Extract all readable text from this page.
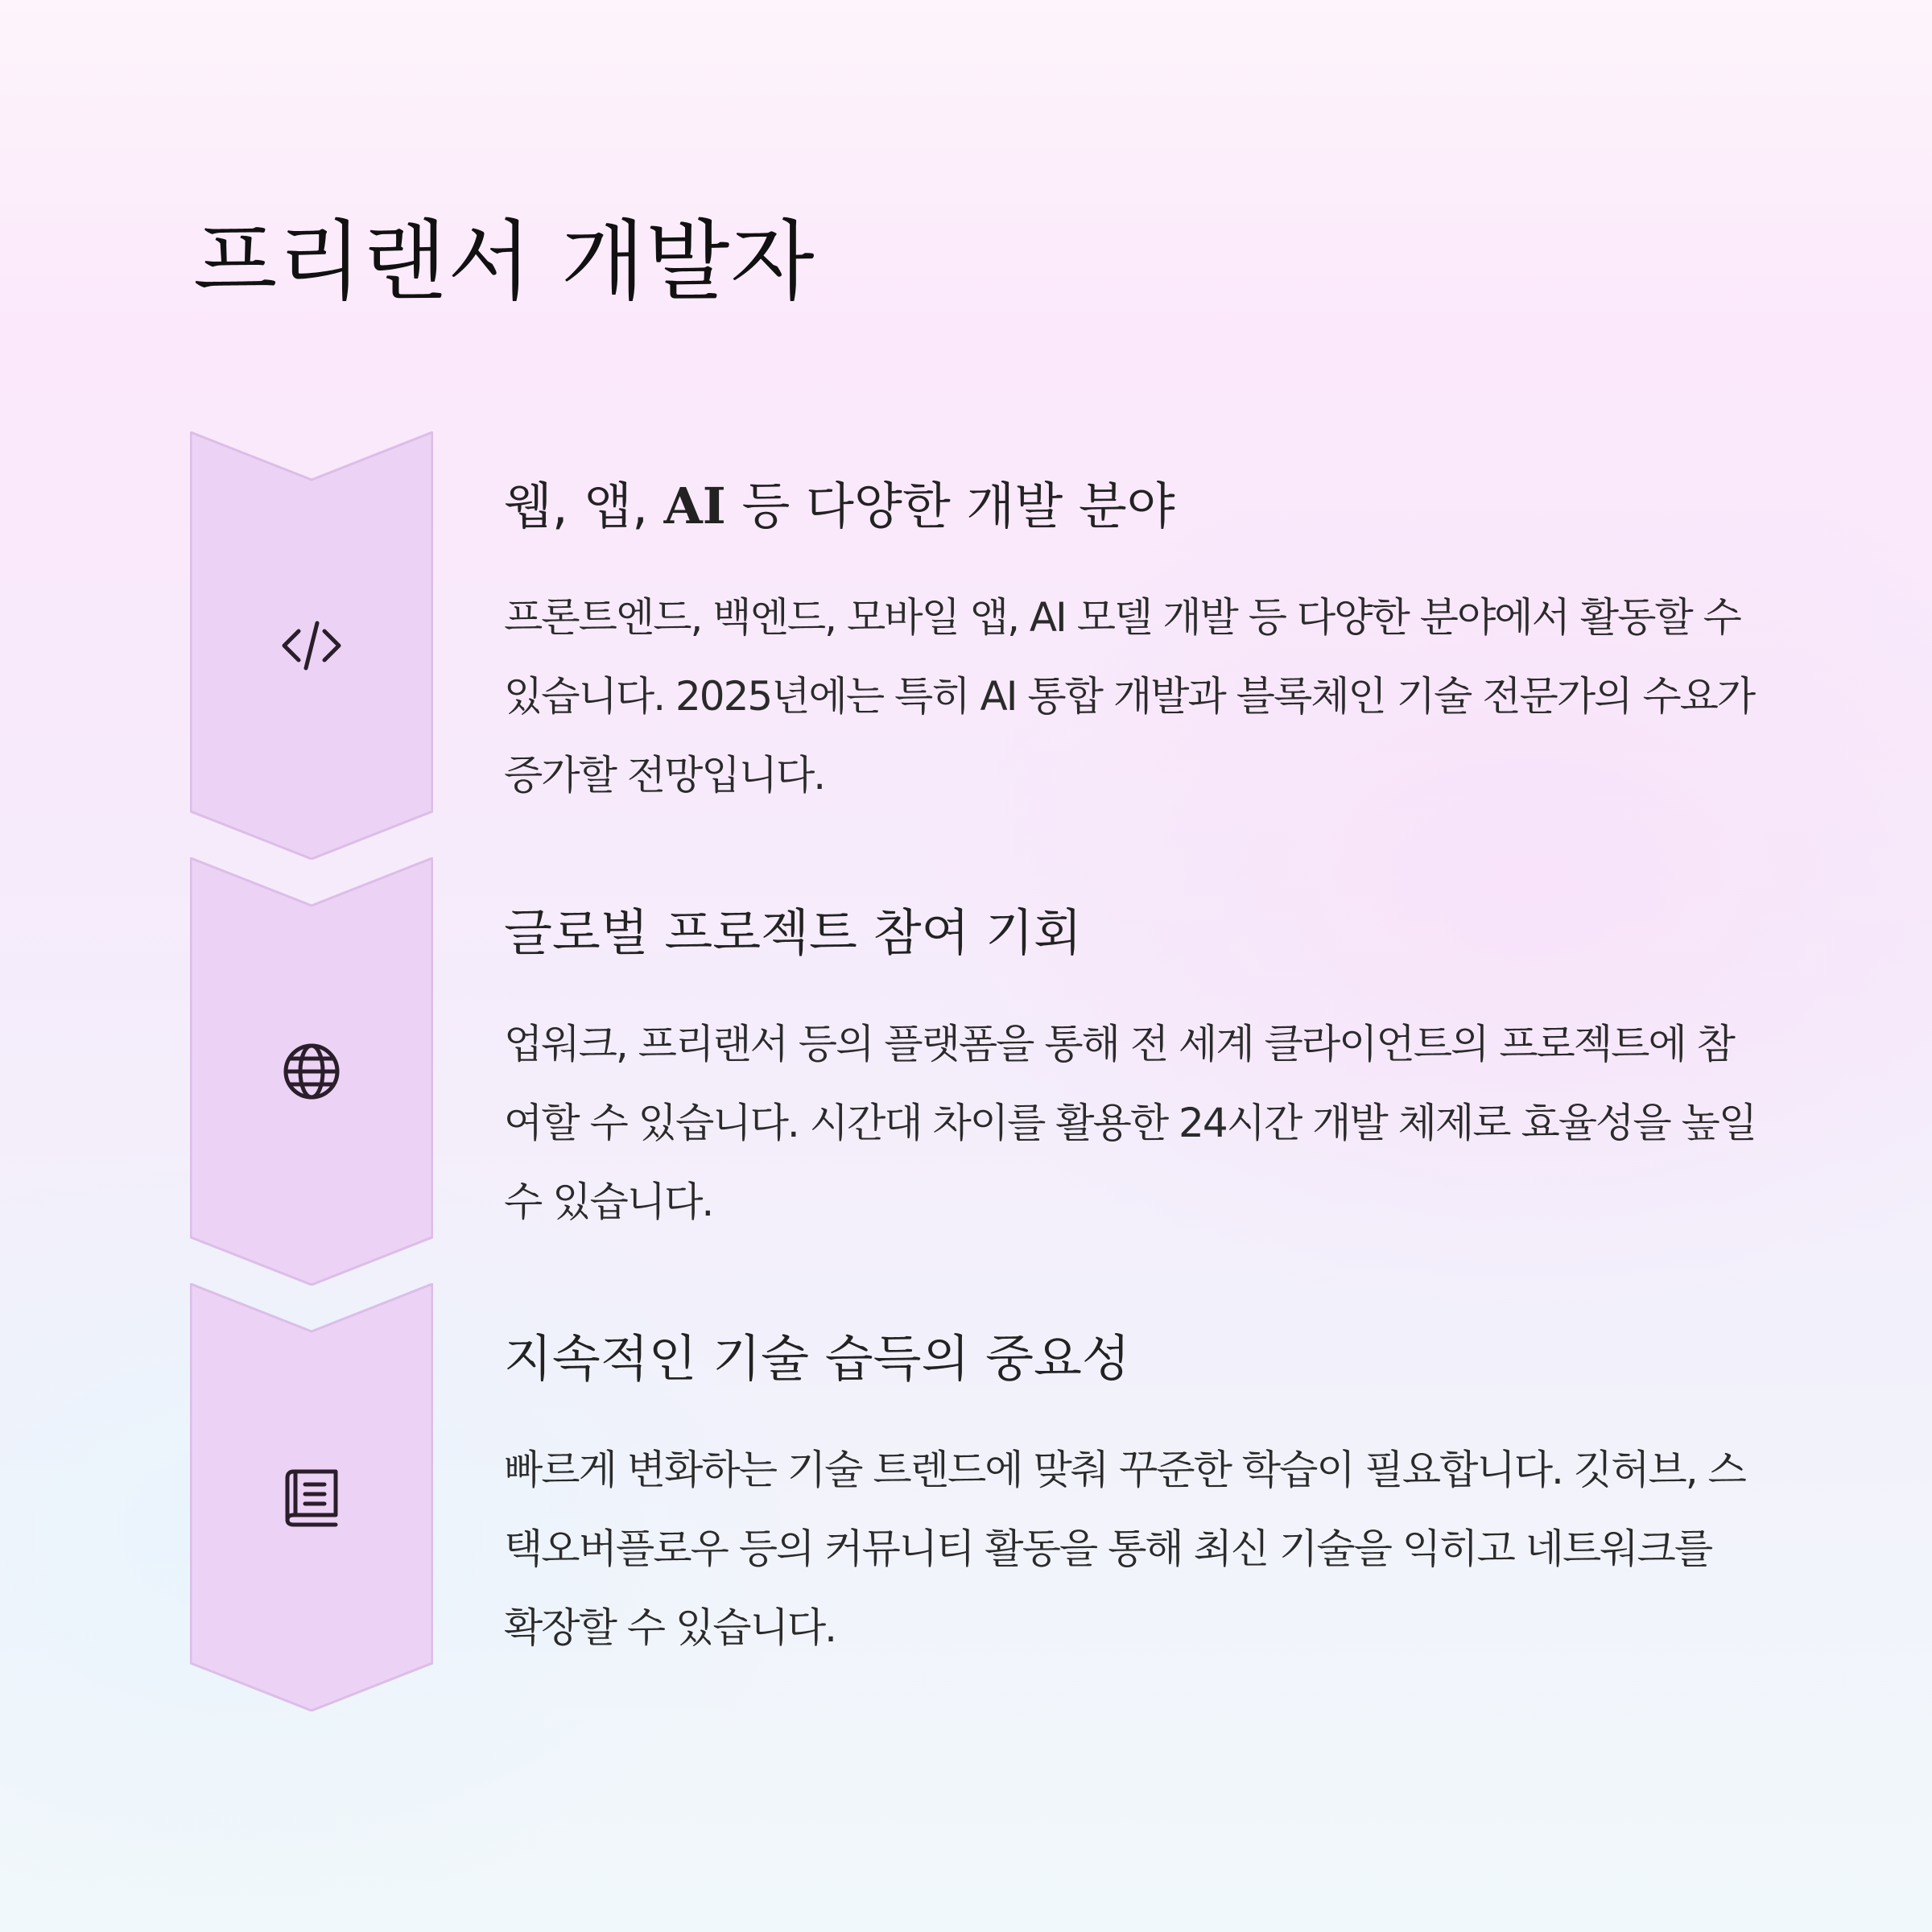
프리랜서 개발자
웹, 앱, AI 등 다양한 개발 분야

프론트엔드, 백엔드, 모바일 앱, AI 모델 개발 등 다양한 분야에서 활동할 수 있습니다. 2025년에는 특히 AI 통합 개발과 블록체인 기술 전문가의 수요가 증가할 전망입니다.

글로벌 프로젝트 참여 기회

업워크, 프리랜서 등의 플랫폼을 통해 전 세계 클라이언트의 프로젝트에 참여할 수 있습니다. 시간대 차이를 활용한 24시간 개발 체제로 효율성을 높일 수 있습니다.

지속적인 기술 습득의 중요성

빠르게 변화하는 기술 트렌드에 맞춰 꾸준한 학습이 필요합니다. 깃허브, 스택오버플로우 등의 커뮤니티 활동을 통해 최신 기술을 익히고 네트워크를 확장할 수 있습니다.
